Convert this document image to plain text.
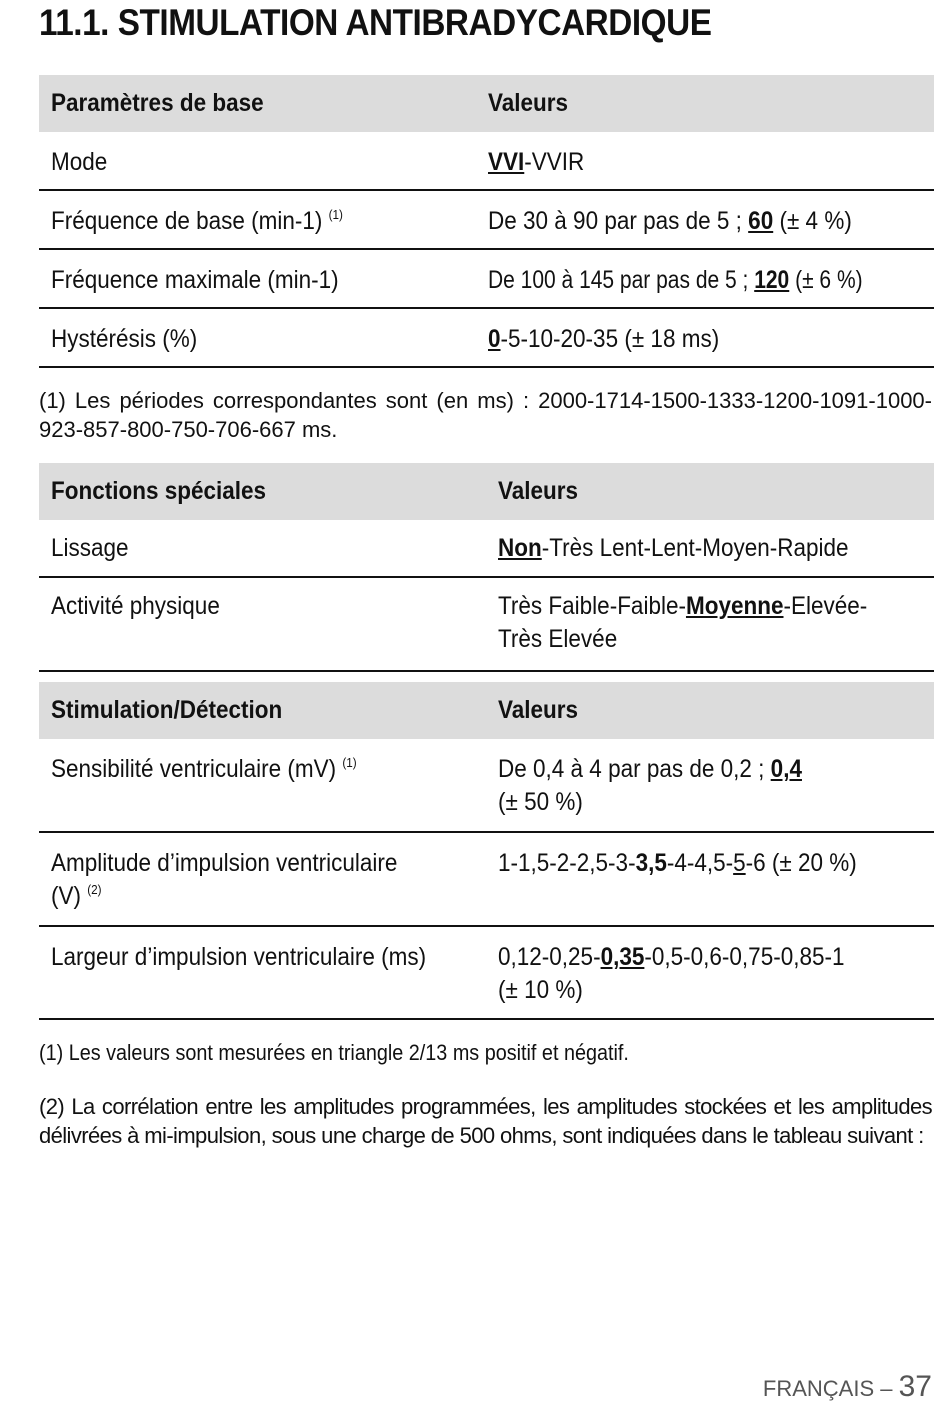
11.1. STIMULATION ANTIBRADYCARDIQUE
Paramètres de base	Valeurs
Mode	VVI-VVIR
Fréquence de base (min-1) $^{(1)}$	De 30 à 90 par pas de 5 ; 60 (± 4 %)
Fréquence maximale (min-1)	De 100 à 145 par pas de 5 ; 120 (± 6 %)
Hystérésis (%)	0-5-10-20-35 (± 18 ms)

(1) Les périodes correspondantes sont (en ms) : 2000-1714-1500-1333-1200-1091-1000-923-857-800-750-706-667 ms.

Fonctions spéciales	Valeurs
Lissage	Non-Très Lent-Lent-Moyen-Rapide
Activité physique	Très Faible-Faible-Moyenne-Elevée-
Très Elevée
Stimulation/Détection	Valeurs
Sensibilité ventriculaire (mV) $^{(1)}$	De 0,4 à 4 par pas de 0,2 ; 0,4
(± 50 %)
Amplitude d’impulsion ventriculaire
(V) $^{(2)}$	1-1,5-2-2,5-3-3,5-4-4,5-5-6 (± 20 %)
Largeur d’impulsion ventriculaire (ms)	0,12-0,25-0,35-0,5-0,6-0,75-0,85-1
(± 10 %)

(1) Les valeurs sont mesurées en triangle 2/13 ms positif et négatif.

(2) La corrélation entre les amplitudes programmées, les amplitudes stockées et les amplitudes délivrées à mi-impulsion, sous une charge de 500 ohms, sont indiquées dans le tableau suivant :

FRANÇAIS – 37
